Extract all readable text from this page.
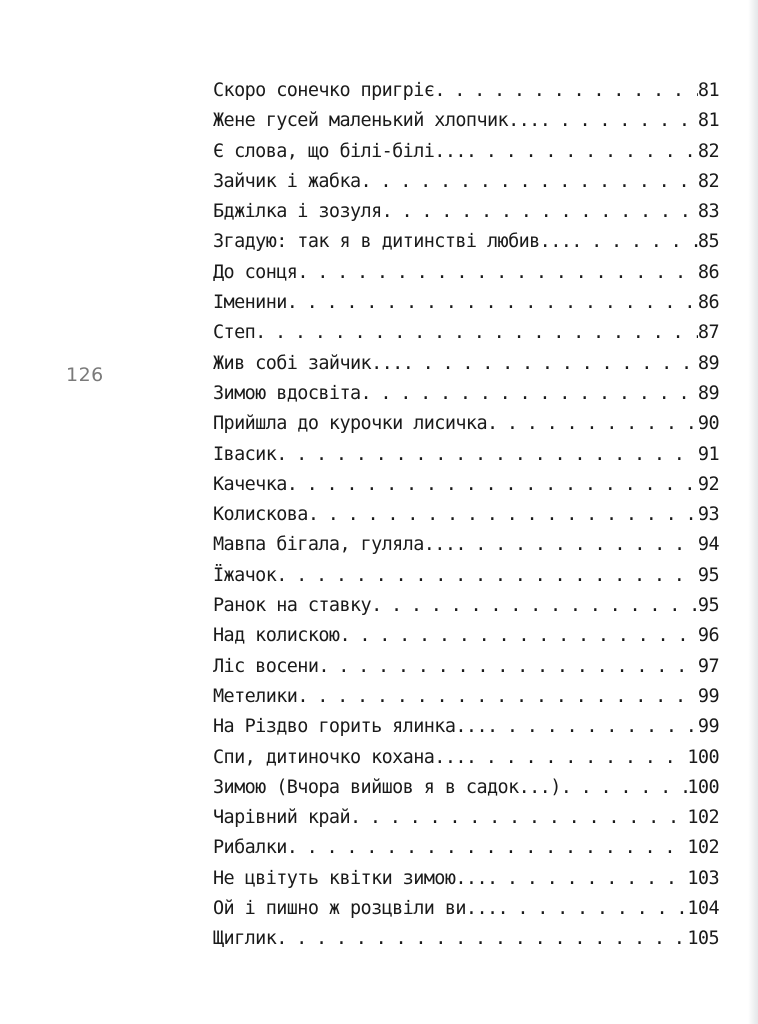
126
Скоро сонечко пригріє . . .	81
Жене гусей маленький хлопчик... . . .	81
Є слова, що білі-білі... . . .	82
Зайчик і жабка . . .	82
Бджілка і зозуля . . .	83
Згадую: так я в дитинстві любив... . . .	85
До сонця . . .	86
Іменини . . .	86
Степ . . .	87
Жив собі зайчик... . . .	89
Зимою вдосвіта . . .	89
Прийшла до курочки лисичка . . .	90
Івасик . . .	91
Качечка . . .	92
Колискова . . .	93
Мавпа бігала, гуляла... . . .	94
Їжачок . . .	95
Ранок на ставку . . .	95
Над колискою . . .	96
Ліс восени . . .	97
Метелики . . .	99
На Різдво горить ялинка... . . .	99
Спи, дитиночко кохана... . . .	100
Зимою (Вчора вийшов я в садок...) . . .	100
Чарівний край . . .	102
Рибалки . . .	102
Не цвітуть квітки зимою... . . .	103
Ой і пишно ж розцвіли ви... . . .	104
Щиглик . . .	105
